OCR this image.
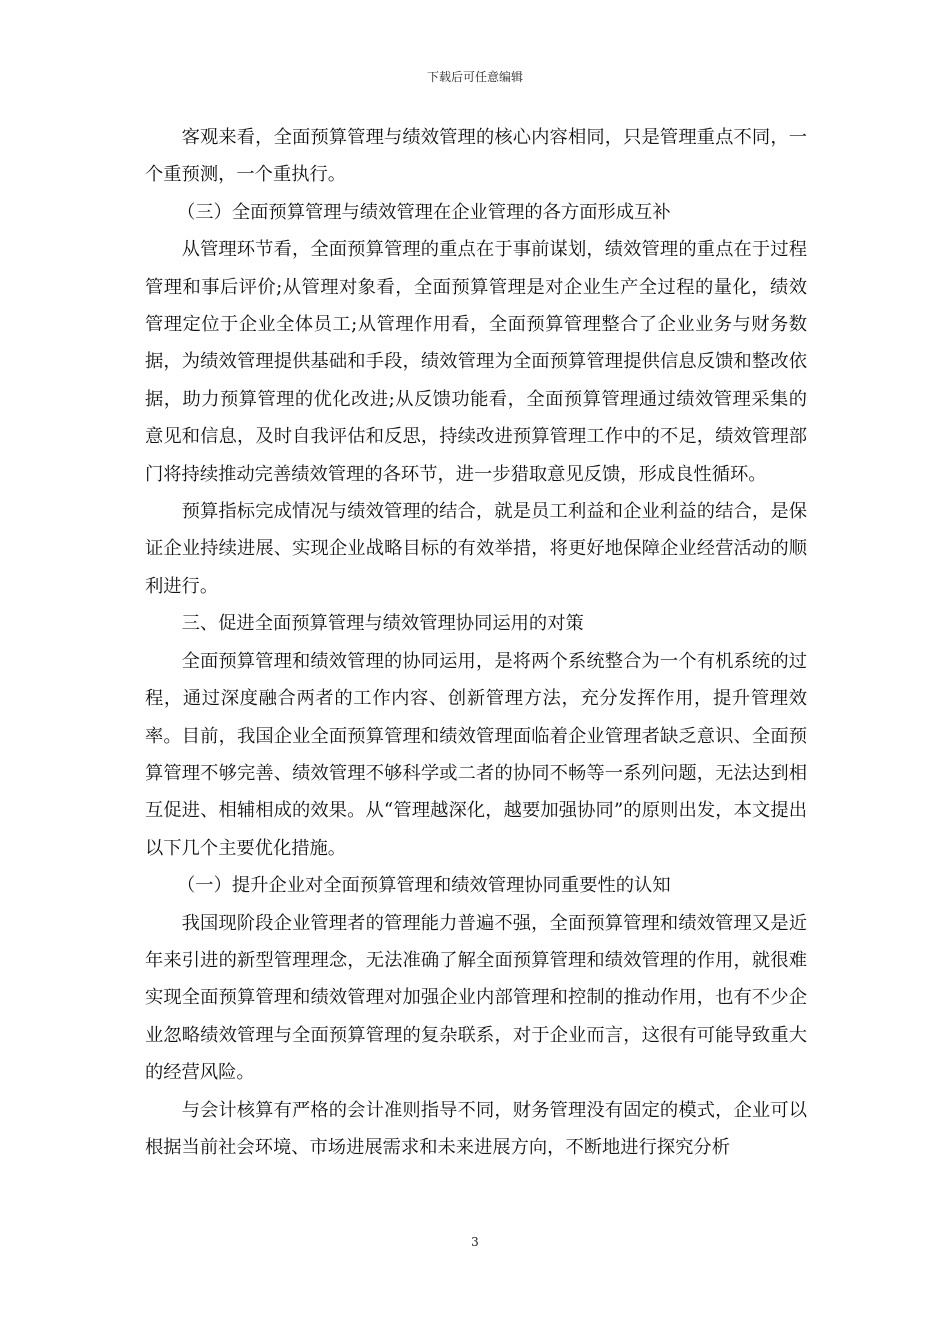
下载后可任意编辑

客观来看，全面预算管理与绩效管理的核心内容相同，只是管理重点不同，一个重预测，一个重执行。

（三）全面预算管理与绩效管理在企业管理的各方面形成互补

从管理环节看，全面预算管理的重点在于事前谋划，绩效管理的重点在于过程管理和事后评价;从管理对象看，全面预算管理是对企业生产全过程的量化，绩效管理定位于企业全体员工;从管理作用看，全面预算管理整合了企业业务与财务数据，为绩效管理提供基础和手段，绩效管理为全面预算管理提供信息反馈和整改依据，助力预算管理的优化改进;从反馈功能看，全面预算管理通过绩效管理采集的意见和信息，及时自我评估和反思，持续改进预算管理工作中的不足，绩效管理部门将持续推动完善绩效管理的各环节，进一步猎取意见反馈，形成良性循环。

预算指标完成情况与绩效管理的结合，就是员工利益和企业利益的结合，是保证企业持续进展、实现企业战略目标的有效举措，将更好地保障企业经营活动的顺利进行。

三、促进全面预算管理与绩效管理协同运用的对策

全面预算管理和绩效管理的协同运用，是将两个系统整合为一个有机系统的过程，通过深度融合两者的工作内容、创新管理方法，充分发挥作用，提升管理效率。目前，我国企业全面预算管理和绩效管理面临着企业管理者缺乏意识、全面预算管理不够完善、绩效管理不够科学或二者的协同不畅等一系列问题，无法达到相互促进、相辅相成的效果。从“管理越深化，越要加强协同”的原则出发，本文提出以下几个主要优化措施。

（一）提升企业对全面预算管理和绩效管理协同重要性的认知

我国现阶段企业管理者的管理能力普遍不强，全面预算管理和绩效管理又是近年来引进的新型管理理念，无法准确了解全面预算管理和绩效管理的作用，就很难实现全面预算管理和绩效管理对加强企业内部管理和控制的推动作用，也有不少企业忽略绩效管理与全面预算管理的复杂联系，对于企业而言，这很有可能导致重大的经营风险。

与会计核算有严格的会计准则指导不同，财务管理没有固定的模式，企业可以根据当前社会环境、市场进展需求和未来进展方向，不断地进行探究分析

3
